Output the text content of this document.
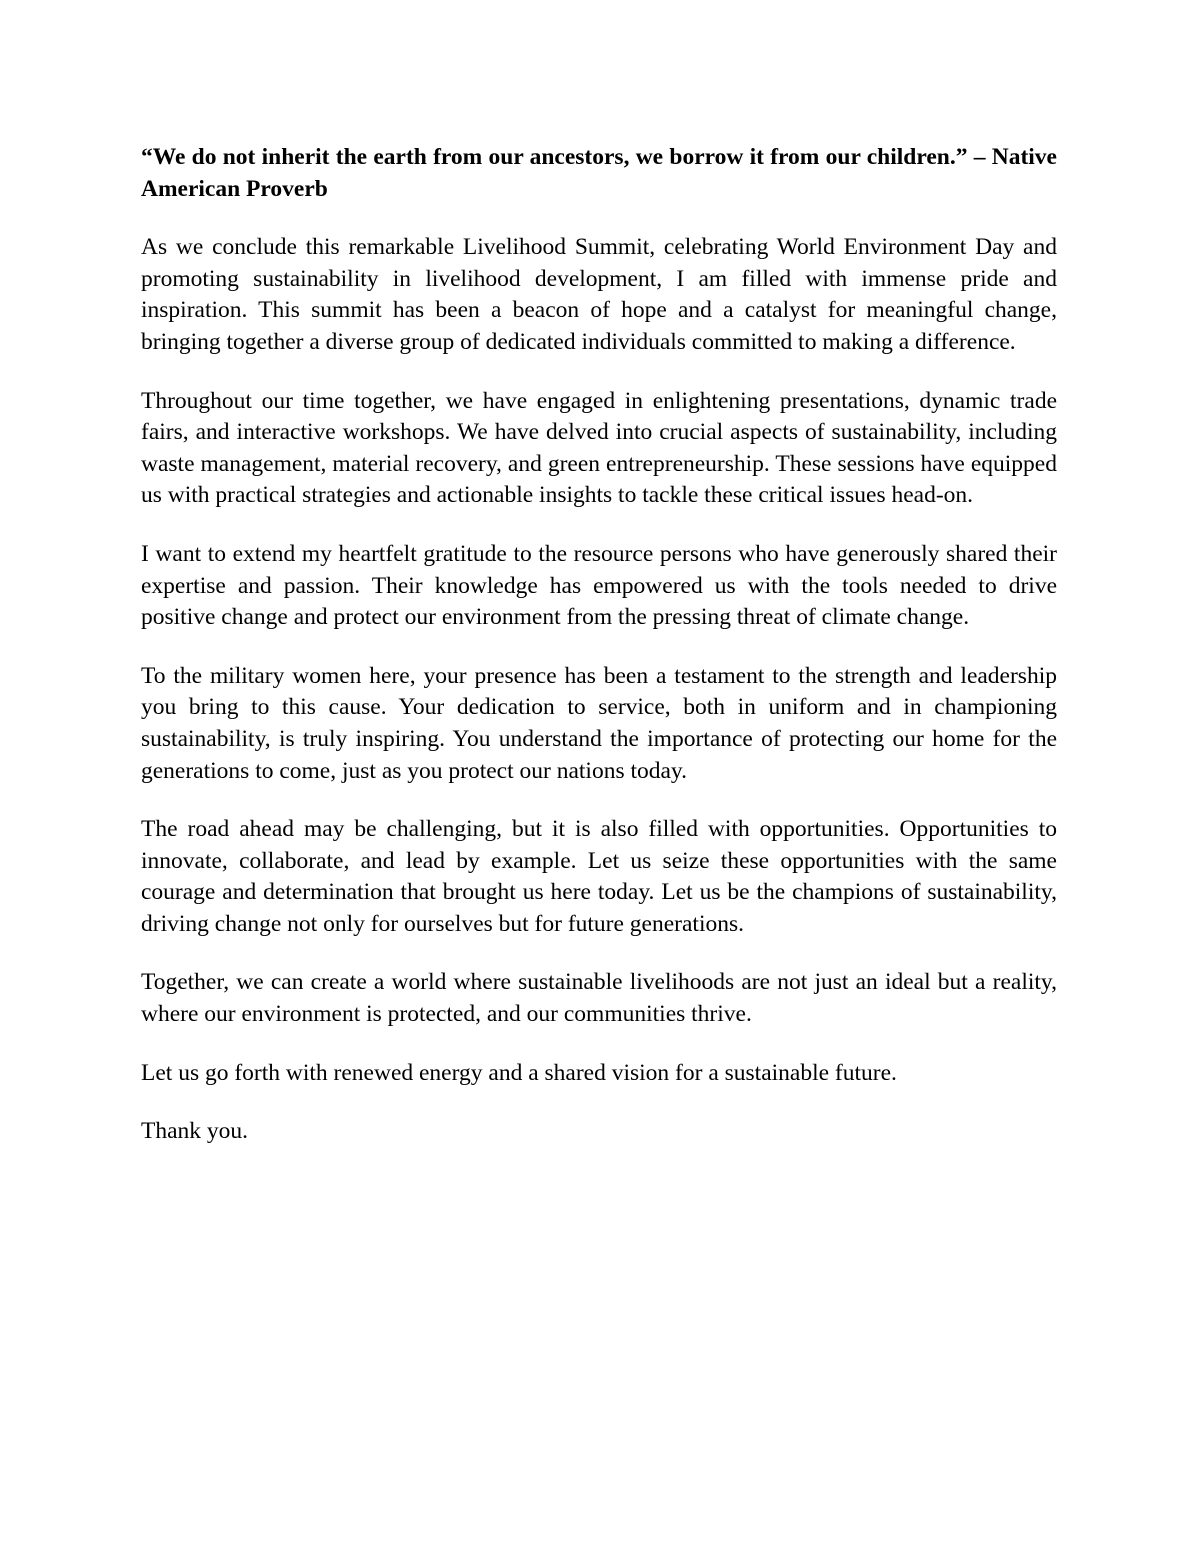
“We do not inherit the earth from our ancestors, we borrow it from our children.” – Native American Proverb

As we conclude this remarkable Livelihood Summit, celebrating World Environment Day and promoting sustainability in livelihood development, I am filled with immense pride and inspiration. This summit has been a beacon of hope and a catalyst for meaningful change, bringing together a diverse group of dedicated individuals committed to making a difference.

Throughout our time together, we have engaged in enlightening presentations, dynamic trade fairs, and interactive workshops. We have delved into crucial aspects of sustainability, including waste management, material recovery, and green entrepreneurship. These sessions have equipped us with practical strategies and actionable insights to tackle these critical issues head-on.

I want to extend my heartfelt gratitude to the resource persons who have generously shared their expertise and passion. Their knowledge has empowered us with the tools needed to drive positive change and protect our environment from the pressing threat of climate change.

To the military women here, your presence has been a testament to the strength and leadership you bring to this cause. Your dedication to service, both in uniform and in championing sustainability, is truly inspiring. You understand the importance of protecting our home for the generations to come, just as you protect our nations today.

The road ahead may be challenging, but it is also filled with opportunities. Opportunities to innovate, collaborate, and lead by example. Let us seize these opportunities with the same courage and determination that brought us here today. Let us be the champions of sustainability, driving change not only for ourselves but for future generations.

Together, we can create a world where sustainable livelihoods are not just an ideal but a reality, where our environment is protected, and our communities thrive.

Let us go forth with renewed energy and a shared vision for a sustainable future.

Thank you.
